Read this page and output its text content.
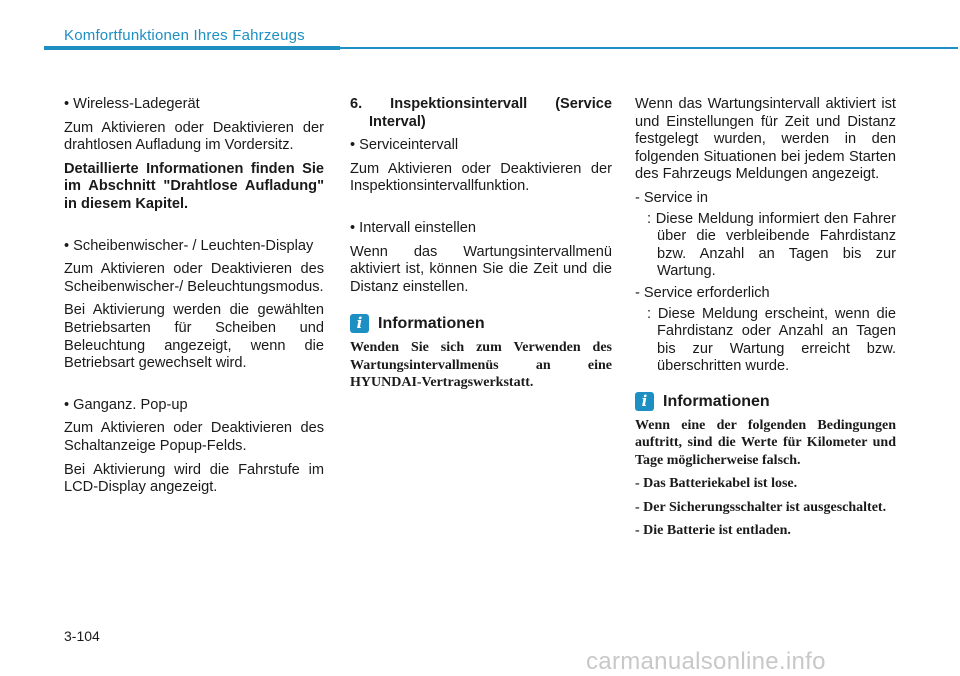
Komfortfunktionen Ihres Fahrzeugs
• Wireless-Ladegerät
Zum Aktivieren oder Deaktivieren der drahtlosen Aufladung im Vordersitz.
Detaillierte Informationen finden Sie im Abschnitt "Drahtlose Aufladung" in diesem Kapitel.
• Scheibenwischer- / Leuchten-Display
Zum Aktivieren oder Deaktivieren des Scheibenwischer-/ Beleuchtungsmodus.
Bei Aktivierung werden die gewählten Betriebsarten für Scheiben und Beleuchtung angezeigt, wenn die Betriebsart gewechselt wird.
• Ganganz. Pop-up
Zum Aktivieren oder Deaktivieren des Schaltanzeige Popup-Felds.
Bei Aktivierung wird die Fahrstufe im LCD-Display angezeigt.
6. Inspektionsintervall (Service Interval)
• Serviceintervall
Zum Aktivieren oder Deaktivieren der Inspektionsintervallfunktion.
• Intervall einstellen
Wenn das Wartungsintervallmenü aktiviert ist, können Sie die Zeit und die Distanz einstellen.
i Informationen
Wenden Sie sich zum Verwenden des Wartungsintervallmenüs an eine HYUNDAI-Vertragswerkstatt.
Wenn das Wartungsintervall aktiviert ist und Einstellungen für Zeit und Distanz festgelegt wurden, werden in den folgenden Situationen bei jedem Starten des Fahrzeugs Meldungen angezeigt.
- Service in
: Diese Meldung informiert den Fahrer über die verbleibende Fahrdistanz bzw. Anzahl an Tagen bis zur Wartung.
- Service erforderlich
: Diese Meldung erscheint, wenn die Fahrdistanz oder Anzahl an Tagen bis zur Wartung erreicht bzw. überschritten wurde.
i Informationen
Wenn eine der folgenden Bedingungen auftritt, sind die Werte für Kilometer und Tage möglicherweise falsch.
- Das Batteriekabel ist lose.
- Der Sicherungsschalter ist ausgeschaltet.
- Die Batterie ist entladen.
3-104
carmanualsonline.info
